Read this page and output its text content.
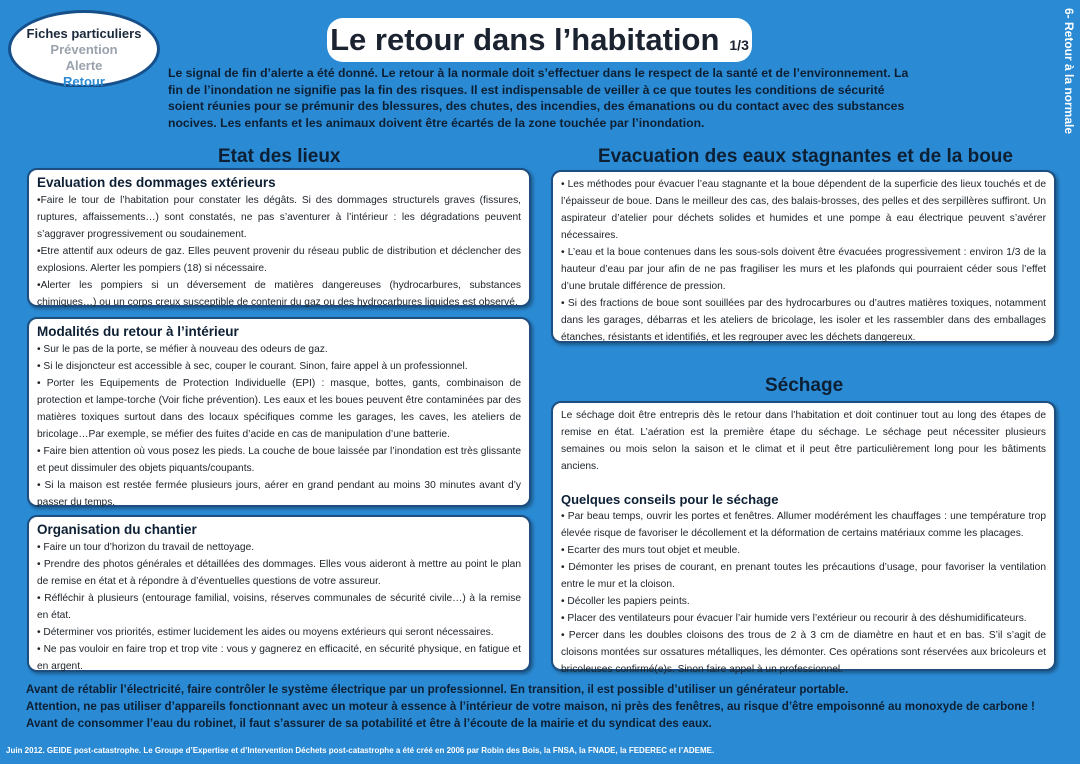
Fiches particuliers
Prévention
Alerte
Retour
Le retour dans l’habitation 1/3	6- Retour à la normale
Le signal de fin d’alerte a été donné. Le retour à la normale doit s’effectuer dans le respect de la santé et de l’environnement. La fin de l’inondation ne signifie pas la fin des risques. Il est indispensable de veiller à ce que toutes les conditions de sécurité soient réunies pour se prémunir des blessures, des chutes, des incendies, des émanations ou du contact avec des substances nocives. Les enfants et les animaux doivent être écartés de la zone touchée par l’inondation.
Etat des lieux
Evaluation des dommages extérieurs

•Faire le tour de l’habitation pour constater les dégâts. Si des dommages structurels graves (fissures, ruptures, affaissements…) sont constatés, ne pas s’aventurer à l’intérieur : les dégradations peuvent s’aggraver progressivement ou soudainement.

•Etre attentif aux odeurs de gaz. Elles peuvent provenir du réseau public de distribution et déclencher des explosions. Alerter les pompiers (18) si nécessaire.

•Alerter les pompiers si un déversement de matières dangereuses (hydrocarbures, substances chimiques…) ou un corps creux susceptible de contenir du gaz ou des hydrocarbures liquides est observé.

Modalités du retour à l’intérieur

• Sur le pas de la porte, se méfier à nouveau des odeurs de gaz.

• Si le disjoncteur est accessible à sec, couper le courant. Sinon, faire appel à un professionnel.

• Porter les Equipements de Protection Individuelle (EPI) : masque, bottes, gants, combinaison de protection et lampe-torche (Voir fiche prévention). Les eaux et les boues peuvent être contaminées par des matières toxiques surtout dans des locaux spécifiques comme les garages, les caves, les ateliers de bricolage…Par exemple, se méfier des fuites d’acide en cas de manipulation d’une batterie.

• Faire bien attention où vous posez les pieds. La couche de boue laissée par l’inondation est très glissante et peut dissimuler des objets piquants/coupants.

• Si la maison est restée fermée plusieurs jours, aérer en grand pendant au moins 30 minutes avant d’y passer du temps.

Organisation du chantier

• Faire un tour d’horizon du travail de nettoyage.

• Prendre des photos générales et détaillées des dommages. Elles vous aideront à mettre au point le plan de remise en état et à répondre à d’éventuelles questions de votre assureur.

• Réfléchir à plusieurs (entourage familial, voisins, réserves communales de sécurité civile…) à la remise en état.

• Déterminer vos priorités, estimer lucidement les aides ou moyens extérieurs qui seront nécessaires.

• Ne pas vouloir en faire trop et trop vite : vous y gagnerez en efficacité, en sécurité physique, en fatigue et en argent.

Evacuation des eaux stagnantes et de la boue

• Les méthodes pour évacuer l’eau stagnante et la boue dépendent de la superficie des lieux touchés et de l’épaisseur de boue. Dans le meilleur des cas, des balais-brosses, des pelles et des serpillères suffiront. Un aspirateur d’atelier pour déchets solides et humides et une pompe à eau électrique peuvent s’avérer nécessaires.

• L’eau et la boue contenues dans les sous-sols doivent être évacuées progressivement : environ 1/3 de la hauteur d’eau par jour afin de ne pas fragiliser les murs et les plafonds qui pourraient céder sous l’effet d’une brutale différence de pression.

• Si des fractions de boue sont souillées par des hydrocarbures ou d’autres matières toxiques, notamment dans les garages, débarras et les ateliers de bricolage, les isoler et les rassembler dans des emballages étanches, résistants et identifiés, et les regrouper avec les déchets dangereux.

Séchage

Le séchage doit être entrepris dès le retour dans l’habitation et doit continuer tout au long des étapes de remise en état. L’aération est la première étape du séchage. Le séchage peut nécessiter plusieurs semaines ou mois selon la saison et le climat et il peut être particulièrement long pour les bâtiments anciens.

Quelques conseils pour le séchage

• Par beau temps, ouvrir les portes et fenêtres. Allumer modérément les chauffages : une température trop élevée risque de favoriser le décollement et la déformation de certains matériaux comme les placages.

• Ecarter des murs tout objet et meuble.

• Démonter les prises de courant, en prenant toutes les précautions d’usage, pour favoriser la ventilation entre le mur et la cloison.

• Décoller les papiers peints.

• Placer des ventilateurs pour évacuer l’air humide vers l’extérieur ou recourir à des déshumidificateurs.

• Percer dans les doubles cloisons des trous de 2 à 3 cm de diamètre en haut et en bas. S’il s’agit de cloisons montées sur ossatures métalliques, les démonter. Ces opérations sont réservées aux bricoleurs et bricoleuses confirmé(e)s. Sinon faire appel à un professionnel.

Avant de rétablir l’électricité, faire contrôler le système électrique par un professionnel. En transition, il est possible d’utiliser un générateur portable.
Attention, ne pas utiliser d’appareils fonctionnant avec un moteur à essence à l’intérieur de votre maison, ni près des fenêtres, au risque d’être empoisonné au monoxyde de carbone !
Avant de consommer l’eau du robinet, il faut s’assurer de sa potabilité et être à l’écoute de la mairie et du syndicat des eaux.
Juin 2012. GEIDE post-catastrophe. Le Groupe d’Expertise et d’Intervention Déchets post-catastrophe a été créé en 2006 par Robin des Bois, la FNSA, la FNADE, la FEDEREC et l’ADEME.
